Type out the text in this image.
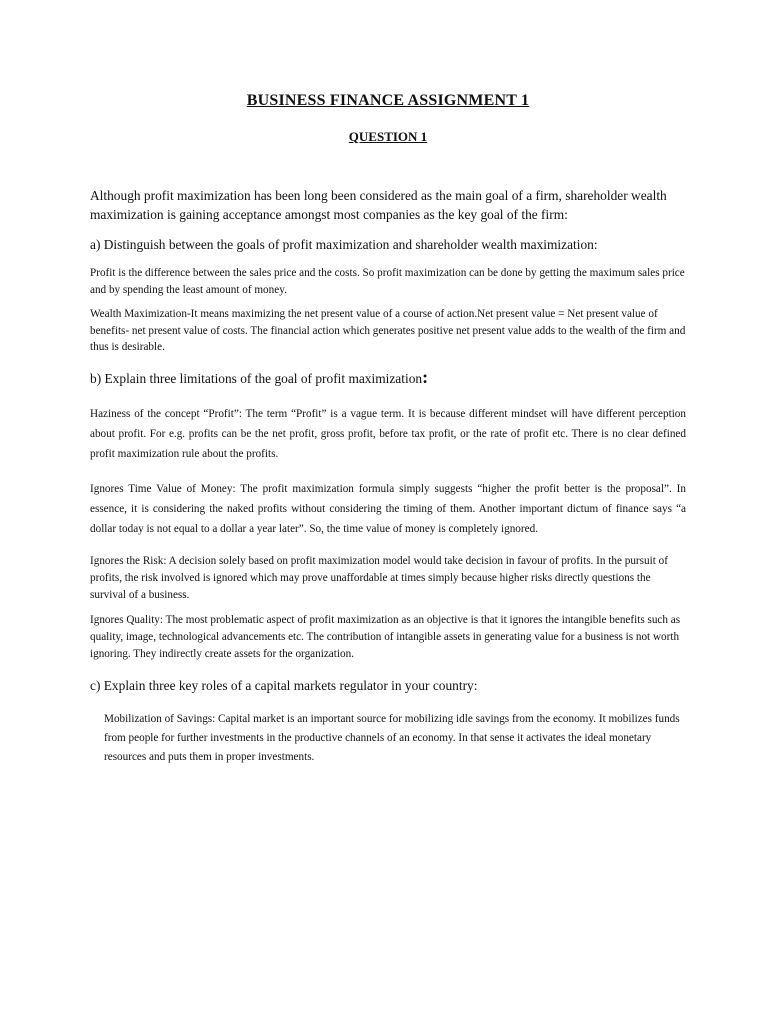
BUSINESS FINANCE ASSIGNMENT 1
QUESTION 1

Although profit maximization has been long been considered as the main goal of a firm, shareholder wealth maximization is gaining acceptance amongst most companies as the key goal of the firm:

a) Distinguish between the goals of profit maximization and shareholder wealth maximization:

Profit is the difference between the sales price and the costs. So profit maximization can be done by getting the maximum sales price and by spending the least amount of money.

Wealth Maximization-It means maximizing the net present value of a course of action.Net present value = Net present value of benefits- net present value of costs. The financial action which generates positive net present value adds to the wealth of the firm and thus is desirable.

b) Explain three limitations of the goal of profit maximization:

Haziness of the concept “Profit”: The term “Profit” is a vague term. It is because different mindset will have different perception about profit. For e.g. profits can be the net profit, gross profit, before tax profit, or the rate of profit etc. There is no clear defined profit maximization rule about the profits.

Ignores Time Value of Money: The profit maximization formula simply suggests “higher the profit better is the proposal”. In essence, it is considering the naked profits without considering the timing of them. Another important dictum of finance says “a dollar today is not equal to a dollar a year later”. So, the time value of money is completely ignored.

Ignores the Risk: A decision solely based on profit maximization model would take decision in favour of profits. In the pursuit of profits, the risk involved is ignored which may prove unaffordable at times simply because higher risks directly questions the survival of a business.

Ignores Quality: The most problematic aspect of profit maximization as an objective is that it ignores the intangible benefits such as quality, image, technological advancements etc. The contribution of intangible assets in generating value for a business is not worth ignoring. They indirectly create assets for the organization.

c) Explain three key roles of a capital markets regulator in your country:

Mobilization of Savings: Capital market is an important source for mobilizing idle savings from the economy. It mobilizes funds from people for further investments in the productive channels of an economy. In that sense it activates the ideal monetary resources and puts them in proper investments.
